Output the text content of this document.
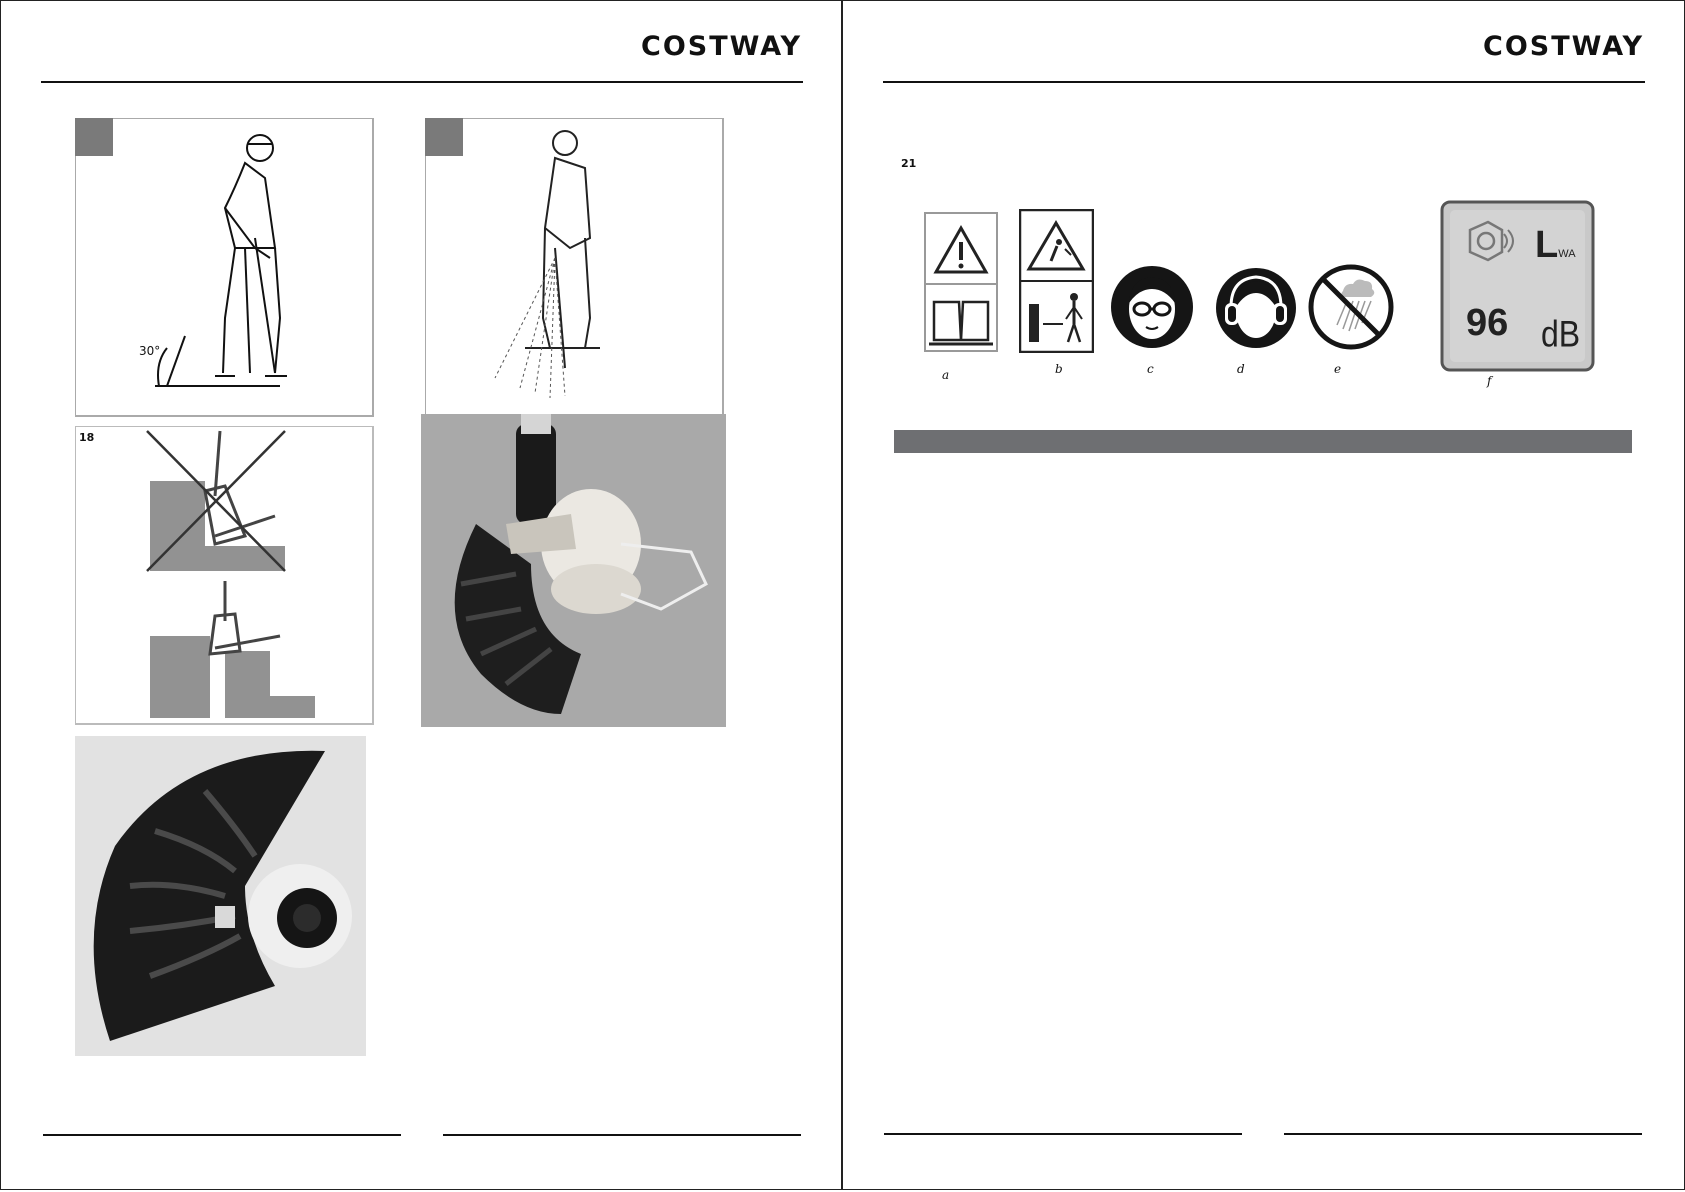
COSTWAY
30°
18
COSTWAY
21
a	b	c	d	e
LWA
96 dB
f
